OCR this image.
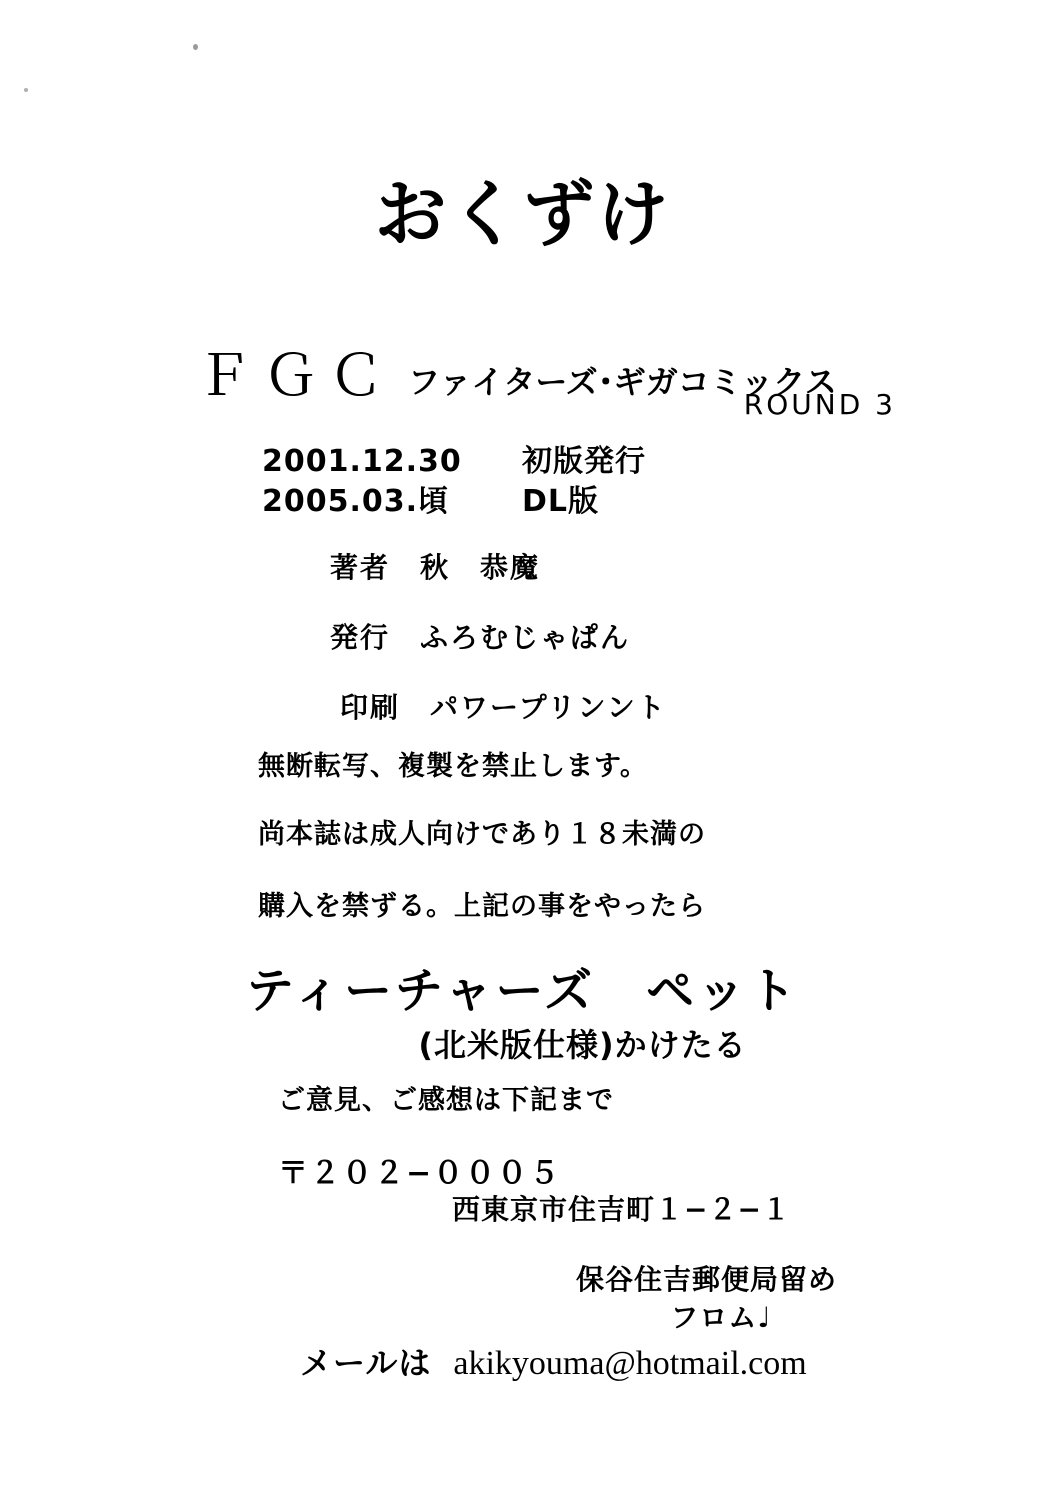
おくずけ
ＦＧＣ ファイターズ･ギガコミックス
ROUND 3
2001.12.30	初版発行
2005.03.頃	DL版
著者　秋　恭魔
発行　ふろむじゃぱん
印刷　パワープリンント
無断転写、複製を禁止します。
尚本誌は成人向けであり１８未満の
購入を禁ずる。上記の事をやったら
ティーチャーズ　ペット
(北米版仕様)かけたる
ご意見、ご感想は下記まで
〒２０２−０００５
西東京市住吉町１−２−１
保谷住吉郵便局留め
フロム♩
メールは akikyouma@hotmail.com
